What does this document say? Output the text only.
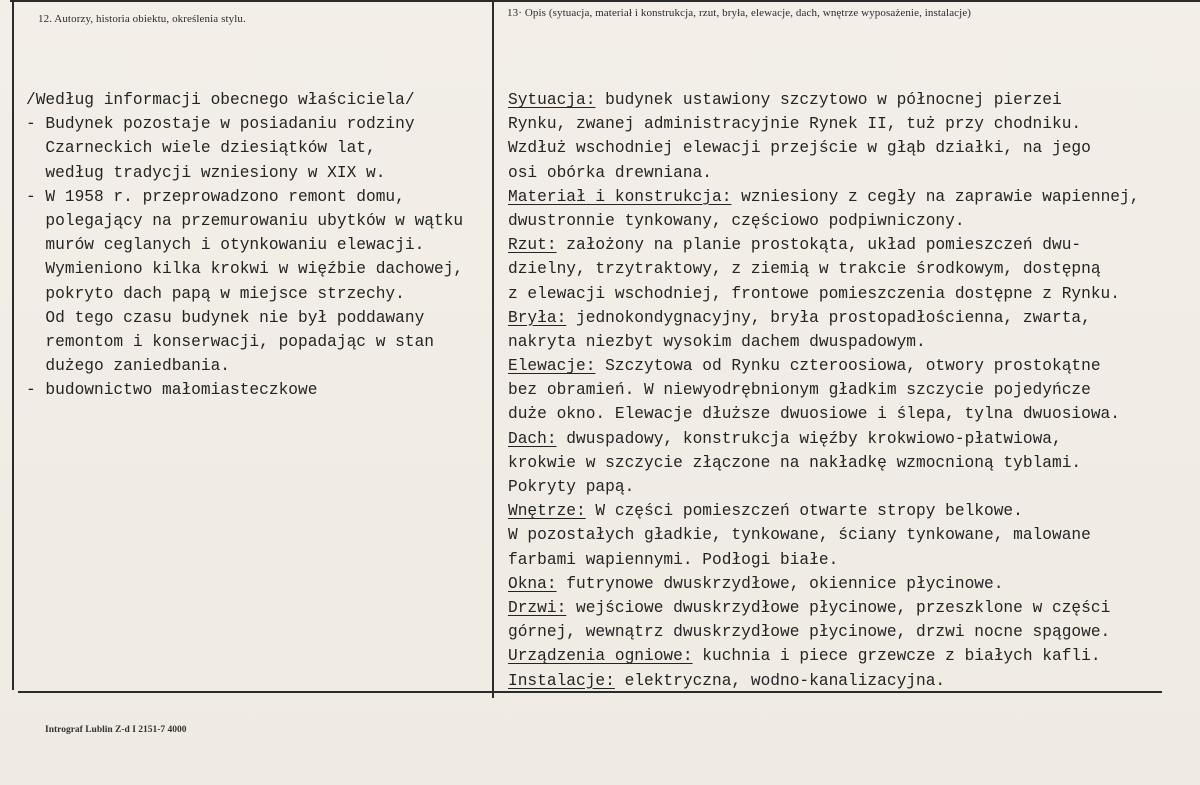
12. Autorzy, historia obiektu, określenia stylu.	13· Opis (sytuacja, materiał i konstrukcja, rzut, bryła, elewacje, dach, wnętrze wyposażenie, instalacje)
/Według informacji obecnego właściciela/
- Budynek pozostaje w posiadaniu rodziny
Czarneckich wiele dziesiątków lat,
według tradycji wzniesiony w XIX w.
- W 1958 r. przeprowadzono remont domu,
polegający na przemurowaniu ubytków w wątku
murów ceglanych i otynkowaniu elewacji.
Wymieniono kilka krokwi w więźbie dachowej,
pokryto dach papą w miejsce strzechy.
Od tego czasu budynek nie był poddawany
remontom i konserwacji, popadając w stan
dużego zaniedbania.
- budownictwo małomiasteczkowe
Sytuacja: budynek ustawiony szczytowo w północnej pierzei
Rynku, zwanej administracyjnie Rynek II, tuż przy chodniku.
Wzdłuż wschodniej elewacji przejście w głąb działki, na jego
osi obórka drewniana.
Materiał i konstrukcja: wzniesiony z cegły na zaprawie wapiennej,
dwustronnie tynkowany, częściowo podpiwniczony.
Rzut: założony na planie prostokąta, układ pomieszczeń dwu-
dzielny, trzytraktowy, z ziemią w trakcie środkowym, dostępną
z elewacji wschodniej, frontowe pomieszczenia dostępne z Rynku.
Bryła: jednokondygnacyjny, bryła prostopadłościenna, zwarta,
nakryta niezbyt wysokim dachem dwuspadowym.
Elewacje: Szczytowa od Rynku czteroosiowa, otwory prostokątne
bez obramień. W niewyodrębnionym gładkim szczycie pojedyńcze
duże okno. Elewacje dłuższe dwuosiowe i ślepa, tylna dwuosiowa.
Dach: dwuspadowy, konstrukcja więźby krokwiowo-płatwiowa,
krokwie w szczycie złączone na nakładkę wzmocnioną tyblami.
Pokryty papą.
Wnętrze: W części pomieszczeń otwarte stropy belkowe.
W pozostałych gładkie, tynkowane, ściany tynkowane, malowane
farbami wapiennymi. Podłogi białe.
Okna: futrynowe dwuskrzydłowe, okiennice płycinowe.
Drzwi: wejściowe dwuskrzydłowe płycinowe, przeszklone w części
górnej, wewnątrz dwuskrzydłowe płycinowe, drzwi nocne spągowe.
Urządzenia ogniowe: kuchnia i piece grzewcze z białych kafli.
Instalacje: elektryczna, wodno-kanalizacyjna.
Intrograf Lublin Z-d I 2151-7 4000
